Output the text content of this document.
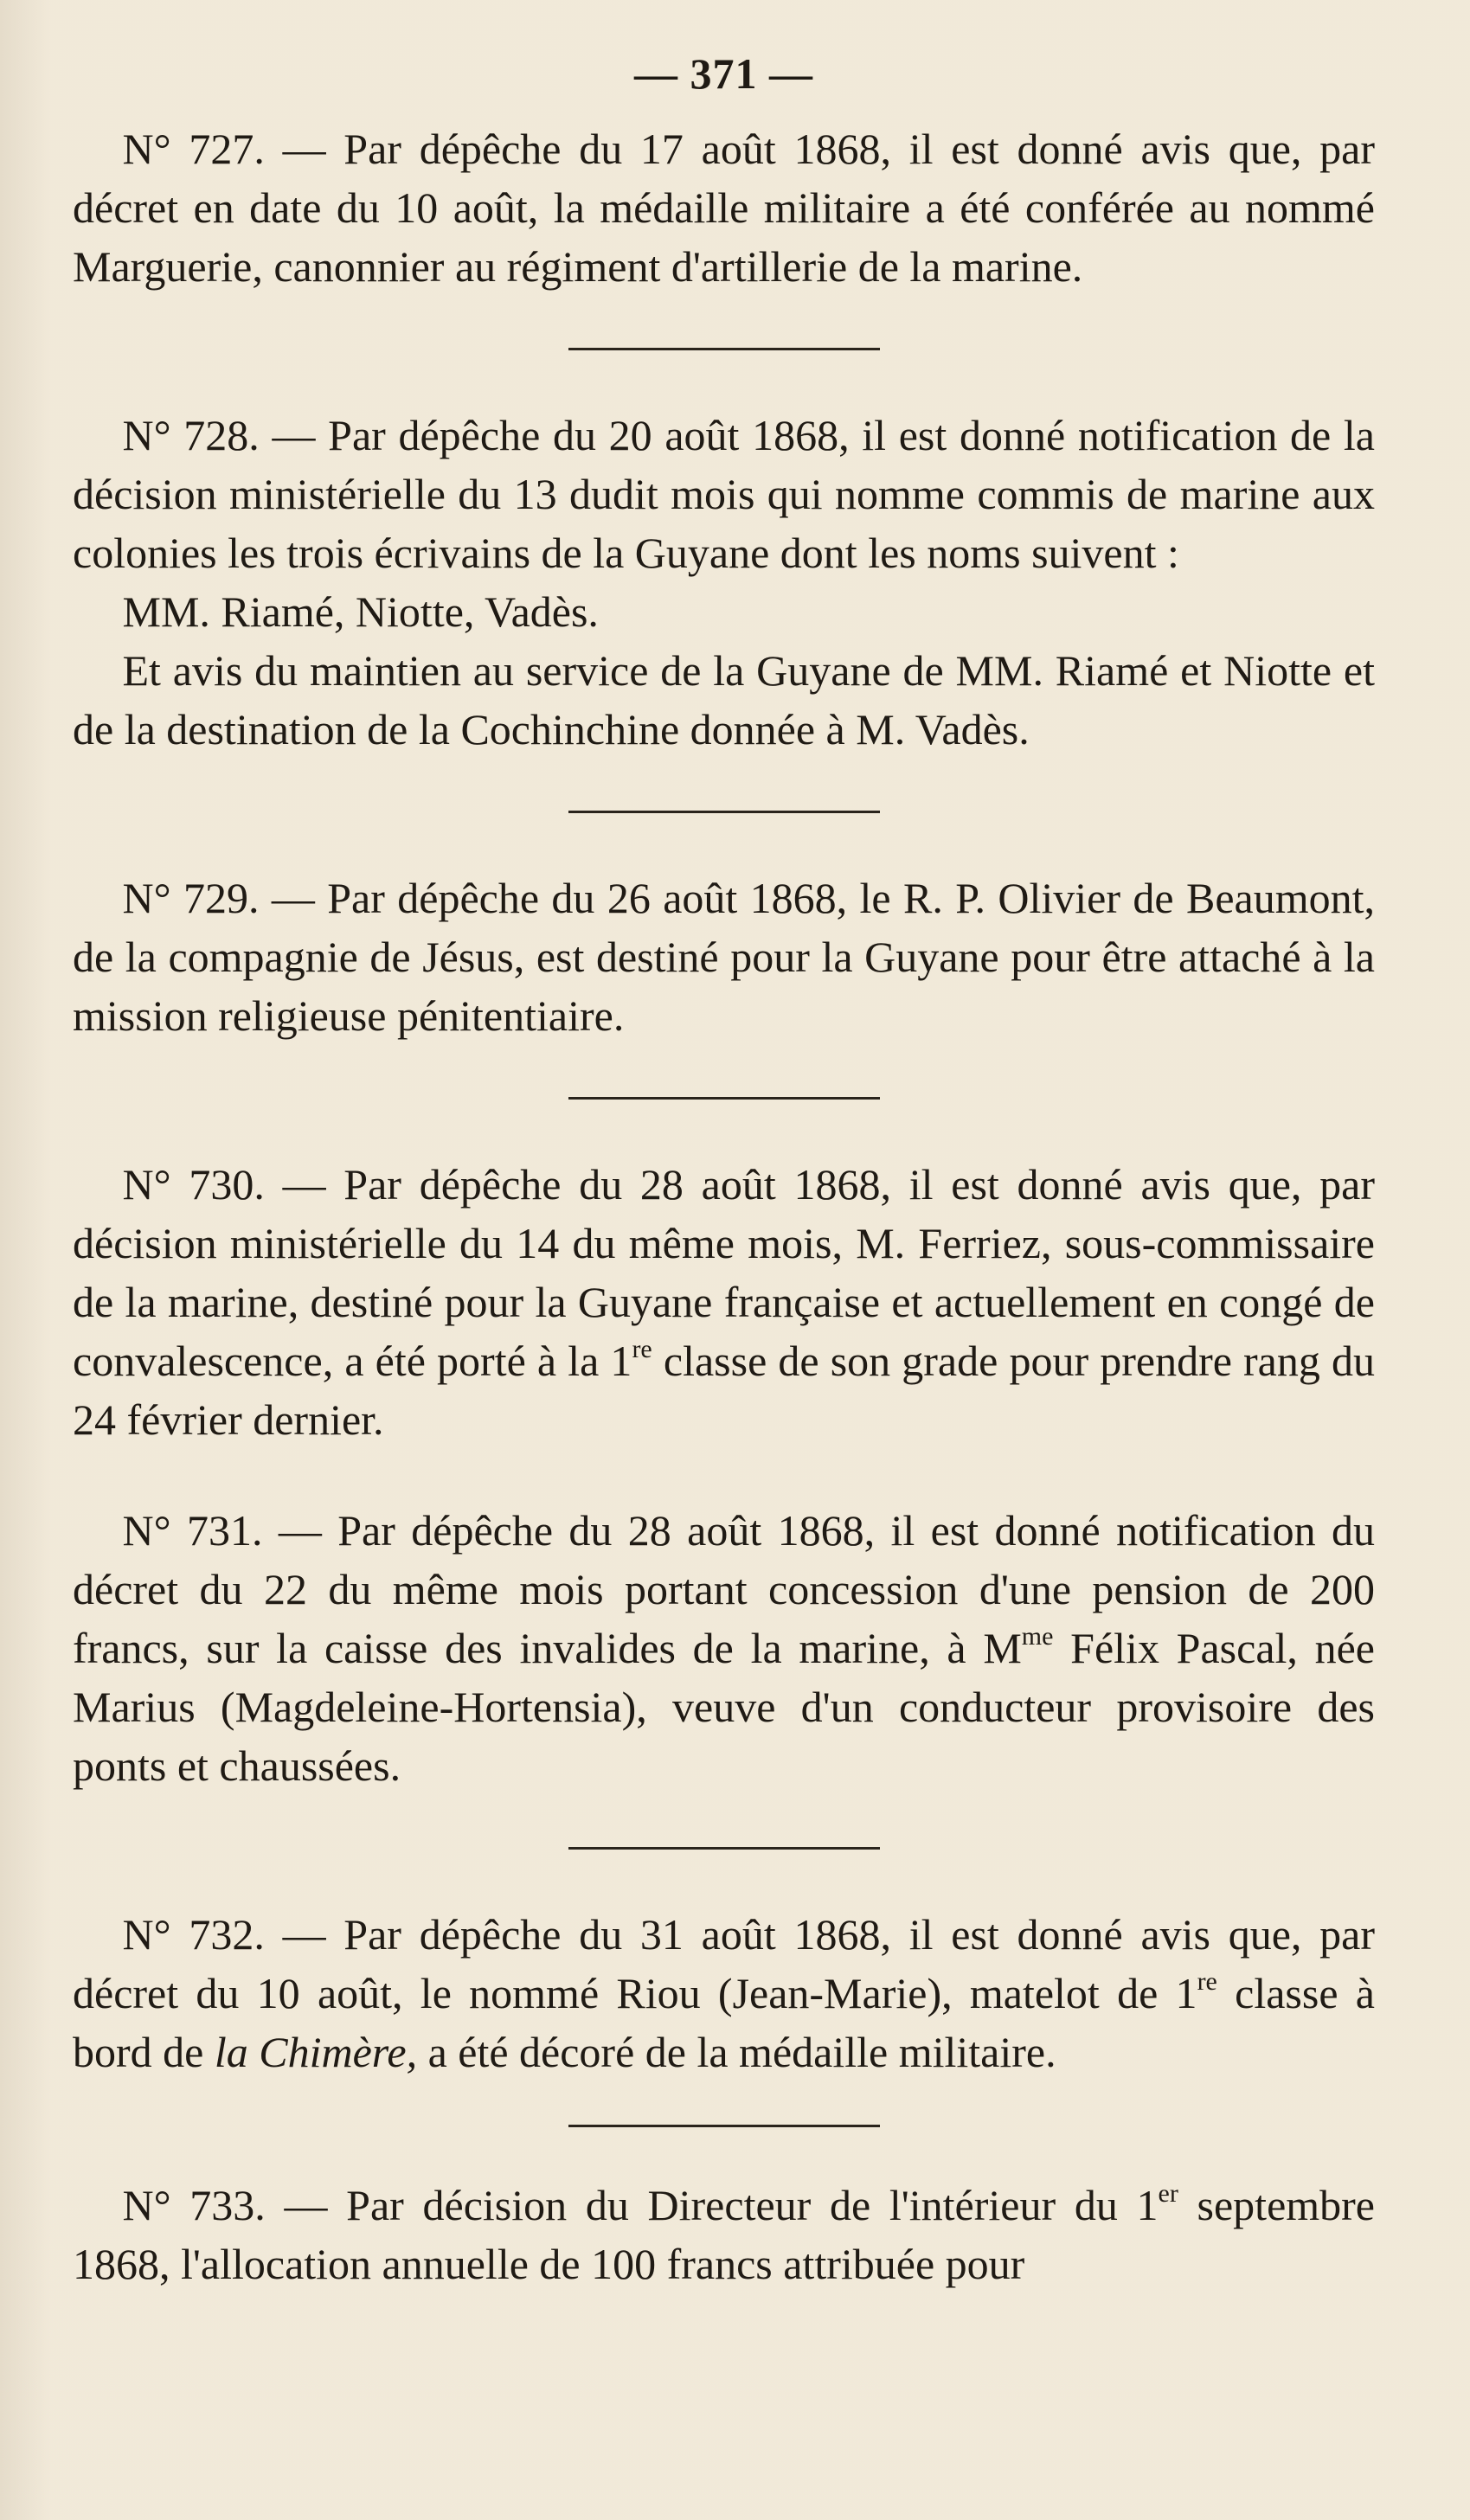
— 371 —

N° 727. — Par dépêche du 17 août 1868, il est donné avis que, par décret en date du 10 août, la médaille militaire a été conférée au nommé Marguerie, canonnier au régiment d'artillerie de la marine.

N° 728. — Par dépêche du 20 août 1868, il est donné notification de la décision ministérielle du 13 dudit mois qui nomme commis de marine aux colonies les trois écrivains de la Guyane dont les noms suivent :

MM. Riamé, Niotte, Vadès.

Et avis du maintien au service de la Guyane de MM. Riamé et Niotte et de la destination de la Cochinchine donnée à M. Vadès.

N° 729. — Par dépêche du 26 août 1868, le R. P. Olivier de Beaumont, de la compagnie de Jésus, est destiné pour la Guyane pour être attaché à la mission religieuse pénitentiaire.

N° 730. — Par dépêche du 28 août 1868, il est donné avis que, par décision ministérielle du 14 du même mois, M. Ferriez, sous-commissaire de la marine, destiné pour la Guyane française et actuellement en congé de convalescence, a été porté à la 1re classe de son grade pour prendre rang du 24 février dernier.

N° 731. — Par dépêche du 28 août 1868, il est donné notification du décret du 22 du même mois portant concession d'une pension de 200 francs, sur la caisse des invalides de la marine, à $M^{me}$ Félix Pascal, née Marius (Magdeleine-Hortensia), veuve d'un conducteur provisoire des ponts et chaussées.

N° 732. — Par dépêche du 31 août 1868, il est donné avis que, par décret du 10 août, le nommé Riou (Jean-Marie), matelot de 1re classe à bord de la Chimère, a été décoré de la médaille militaire.

N° 733. — Par décision du Directeur de l'intérieur du 1er septembre 1868, l'allocation annuelle de 100 francs attribuée pour
